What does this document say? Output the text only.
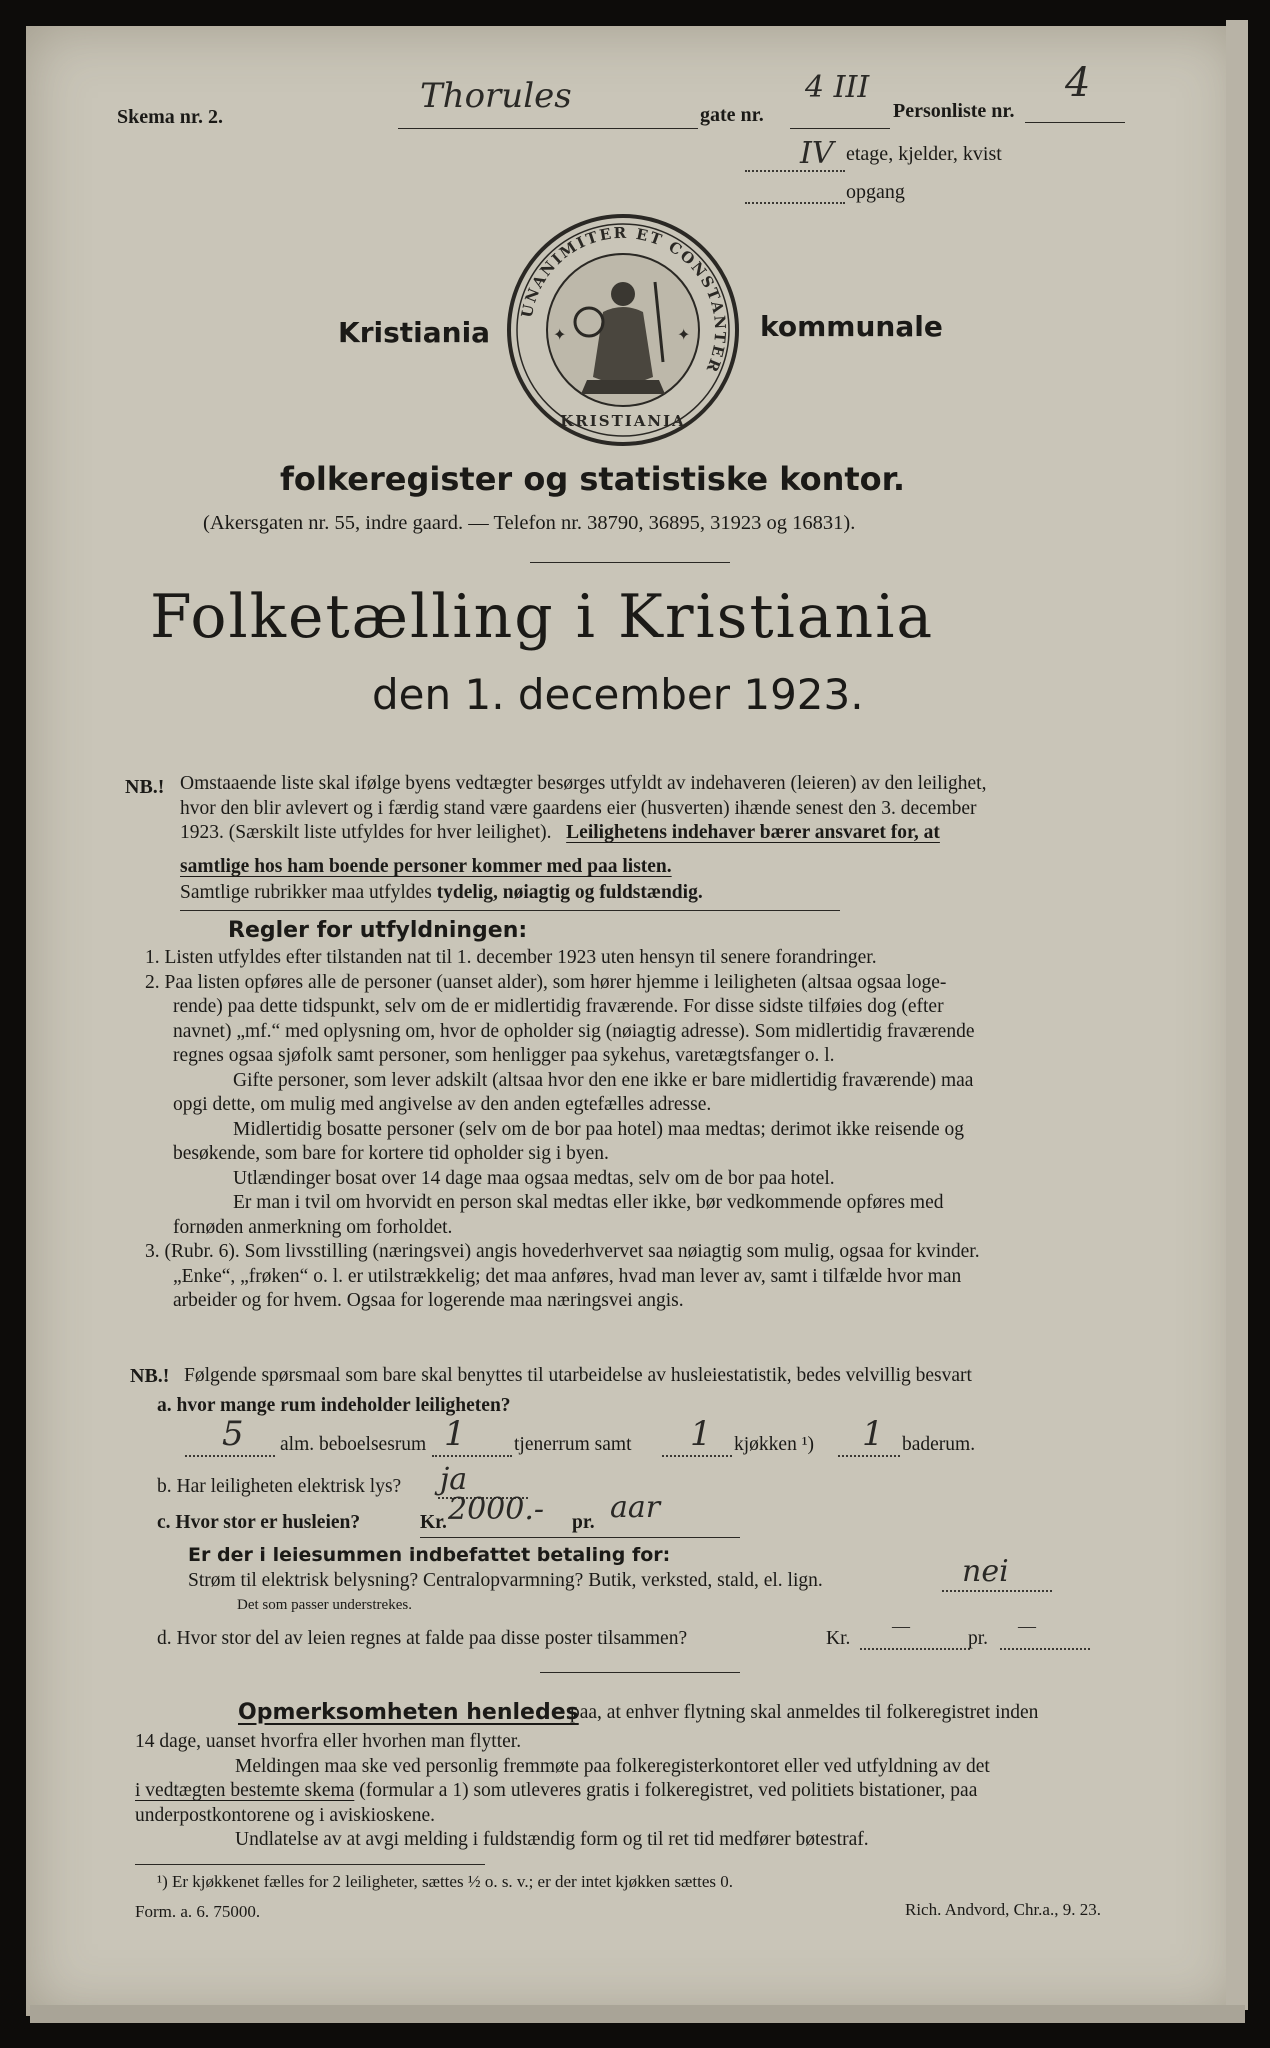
Skema nr. 2.
Thorules	gate nr.
4 III
Personliste nr.
4
IV etage, kjelder, kvist
opgang
Kristiania	kommunale
UNANIMITER ET CONSTANTER
KRISTIANIA
✦	✦
folkeregister og statistiske kontor.
(Akersgaten nr. 55, indre gaard. — Telefon nr. 38790, 36895, 31923 og 16831).
Folketælling i Kristiania
den 1. december 1923.
NB.! Omstaaende liste skal ifølge byens vedtægter besørges utfyldt av indehaveren (leieren) av den leilighet,

hvor den blir avlevert og i færdig stand være gaardens eier (husverten) ihænde senest den 3. december

1923. (Særskilt liste utfyldes for hver leilighet). Leilighetens indehaver bærer ansvaret for, at

samtlige hos ham boende personer kommer med paa listen.
Samtlige rubrikker maa utfyldes tydelig, nøiagtig og fuldstændig.
Regler for utfyldningen:

1. Listen utfyldes efter tilstanden nat til 1. december 1923 uten hensyn til senere forandringer.

2. Paa listen opføres alle de personer (uanset alder), som hører hjemme i leiligheten (altsaa ogsaa loge-

rende) paa dette tidspunkt, selv om de er midlertidig fraværende. For disse sidste tilføies dog (efter

navnet) „mf.“ med oplysning om, hvor de opholder sig (nøiagtig adresse). Som midlertidig fraværende

regnes ogsaa sjøfolk samt personer, som henligger paa sykehus, varetægtsfanger o. l.

Gifte personer, som lever adskilt (altsaa hvor den ene ikke er bare midlertidig fraværende) maa

opgi dette, om mulig med angivelse av den anden egtefælles adresse.

Midlertidig bosatte personer (selv om de bor paa hotel) maa medtas; derimot ikke reisende og

besøkende, som bare for kortere tid opholder sig i byen.

Utlændinger bosat over 14 dage maa ogsaa medtas, selv om de bor paa hotel.

Er man i tvil om hvorvidt en person skal medtas eller ikke, bør vedkommende opføres med

fornøden anmerkning om forholdet.

3. (Rubr. 6). Som livsstilling (næringsvei) angis hovederhvervet saa nøiagtig som mulig, ogsaa for kvinder.

„Enke“, „frøken“ o. l. er utilstrækkelig; det maa anføres, hvad man lever av, samt i tilfælde hvor man

arbeider og for hvem. Ogsaa for logerende maa næringsvei angis.

NB.! Følgende spørsmaal som bare skal benyttes til utarbeidelse av husleiestatistik, bedes velvillig besvart
a. hvor mange rum indeholder leiligheten?
5 alm. beboelsesrum 1 tjenerrum samt 1 kjøkken ¹) 1 baderum.
b. Har leiligheten elektrisk lys? ja
c. Hvor stor er husleien?	Kr. 2000.- pr. aar
Er der i leiesummen indbefattet betaling for:
Strøm til elektrisk belysning? Centralopvarmning? Butik, verksted, stald, el. lign.	nei
Det som passer understrekes.
d. Hvor stor del av leien regnes at falde paa disse poster tilsammen?	Kr.
—
pr.
—
Opmerksomheten henledes
paa, at enhver flytning skal anmeldes til folkeregistret inden

14 dage, uanset hvorfra eller hvorhen man flytter.

Meldingen maa ske ved personlig fremmøte paa folkeregisterkontoret eller ved utfyldning av det

i vedtægten bestemte skema (formular a 1) som utleveres gratis i folkeregistret, ved politiets bistationer, paa

underpostkontorene og i aviskioskene.

Undlatelse av at avgi melding i fuldstændig form og til ret tid medfører bøtestraf.

¹) Er kjøkkenet fælles for 2 leiligheter, sættes ½ o. s. v.; er der intet kjøkken sættes 0.
Form. a. 6. 75000.	Rich. Andvord, Chr.a., 9. 23.
